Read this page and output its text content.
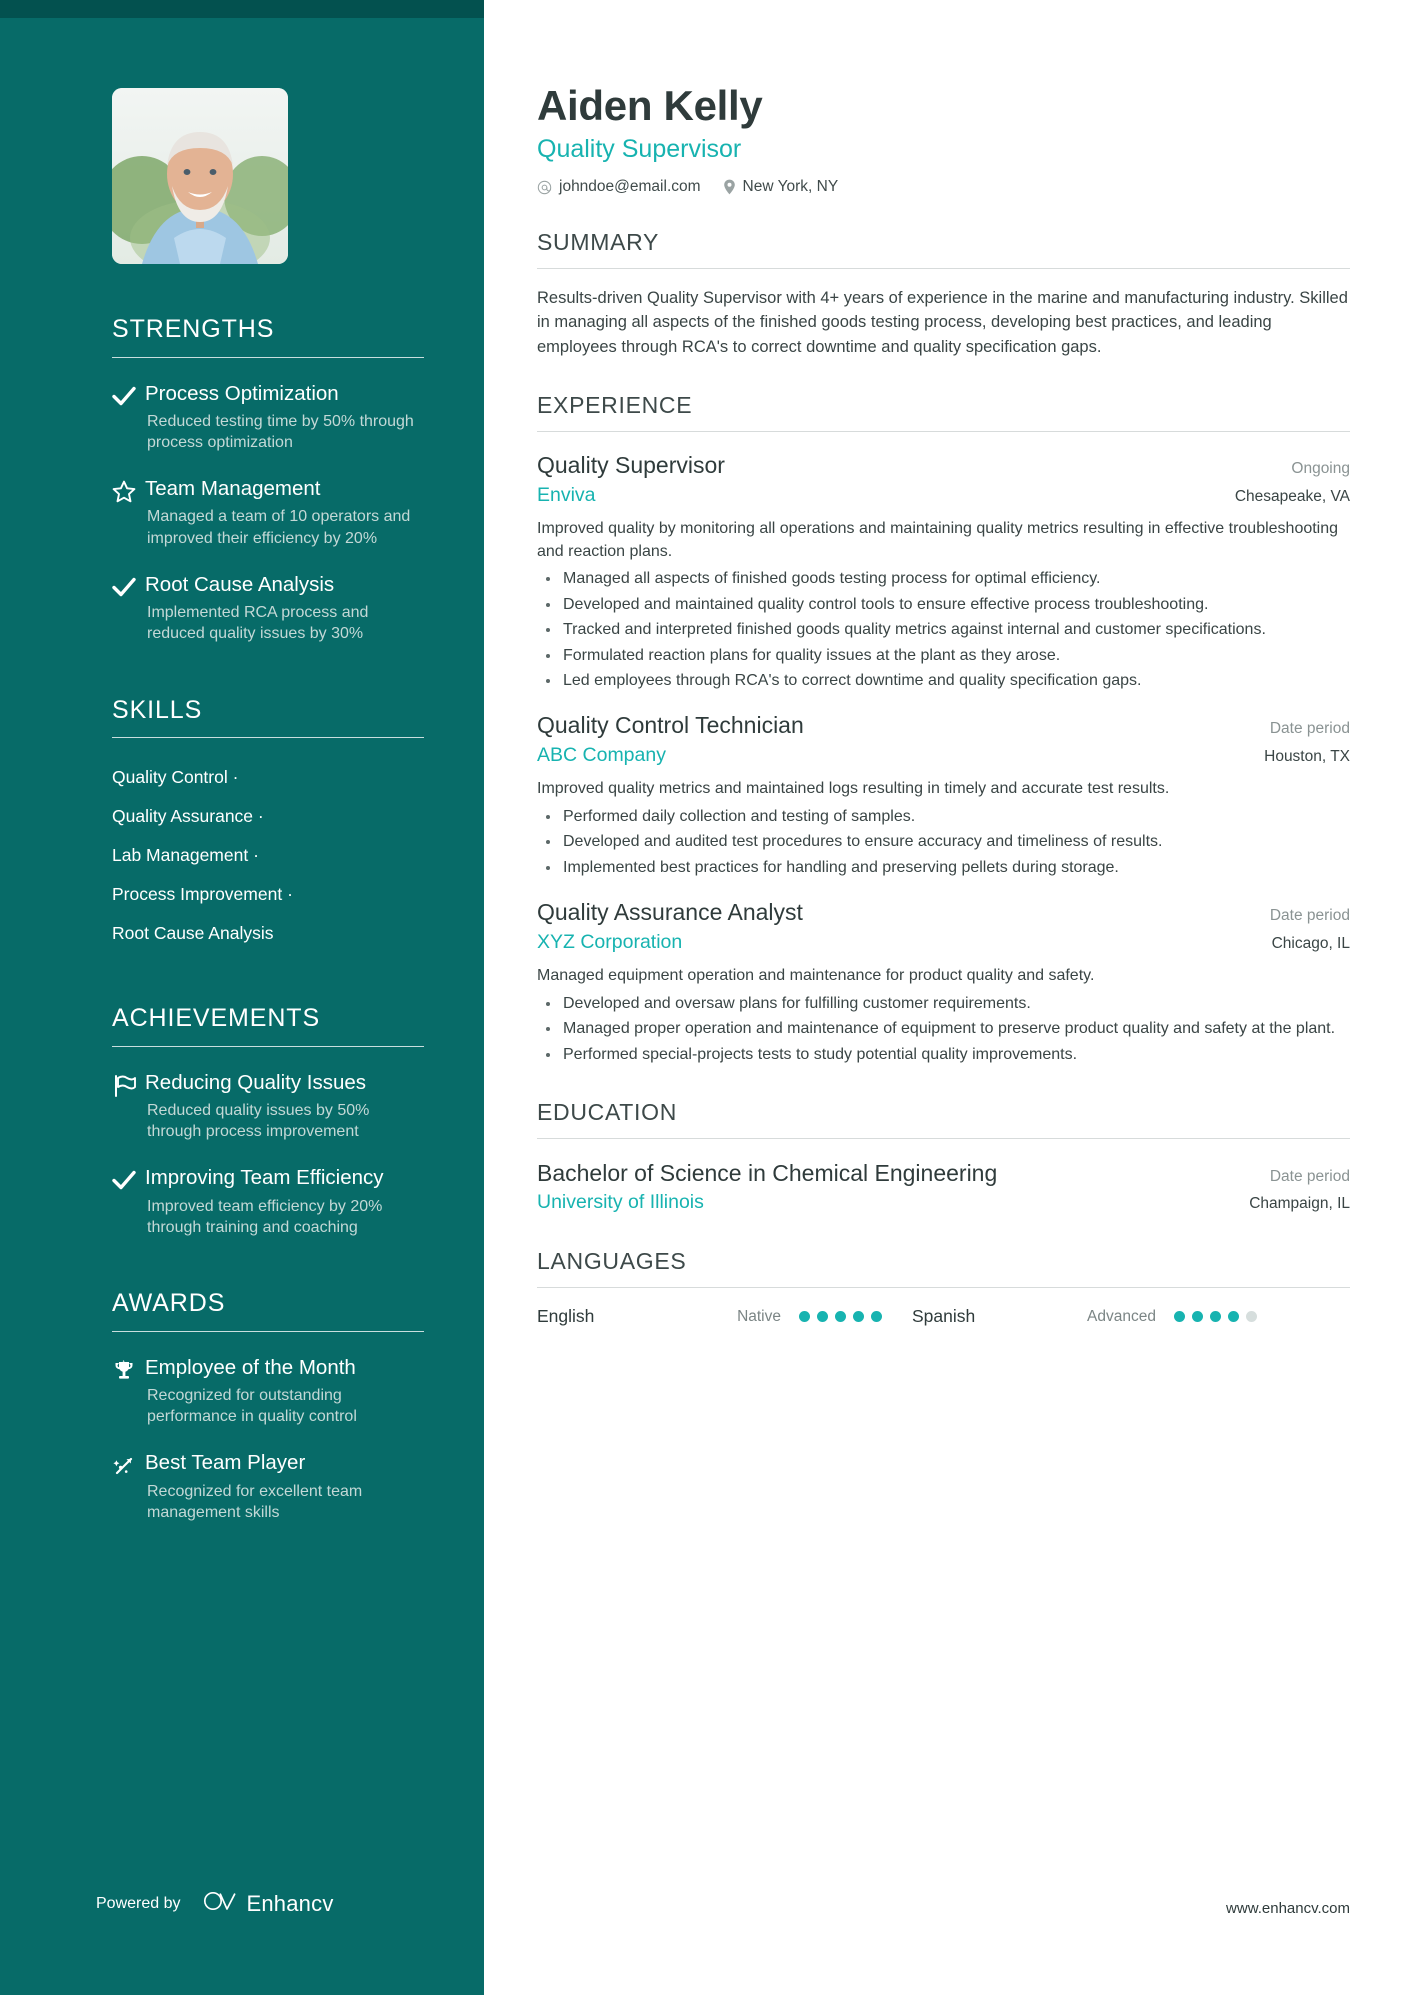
STRENGTHS
Process Optimization
Reduced testing time by 50% through process optimization
Team Management
Managed a team of 10 operators and improved their efficiency by 20%
Root Cause Analysis
Implemented RCA process and reduced quality issues by 30%
SKILLS
Quality Control ·
Quality Assurance ·
Lab Management ·
Process Improvement ·
Root Cause Analysis
ACHIEVEMENTS
Reducing Quality Issues
Reduced quality issues by 50% through process improvement
Improving Team Efficiency
Improved team efficiency by 20% through training and coaching
AWARDS
Employee of the Month
Recognized for outstanding performance in quality control
Best Team Player
Recognized for excellent team management skills
Powered by	Enhancv
Aiden Kelly
Quality Supervisor
johndoe@email.com	New York, NY
SUMMARY

Results-driven Quality Supervisor with 4+ years of experience in the marine and manufacturing industry. Skilled in managing all aspects of the finished goods testing process, developing best practices, and leading employees through RCA's to correct downtime and quality specification gaps.

EXPERIENCE
Quality Supervisor	Ongoing
Enviva	Chesapeake, VA

Improved quality by monitoring all operations and maintaining quality metrics resulting in effective troubleshooting and reaction plans.

Managed all aspects of finished goods testing process for optimal efficiency.
Developed and maintained quality control tools to ensure effective process troubleshooting.
Tracked and interpreted finished goods quality metrics against internal and customer specifications.
Formulated reaction plans for quality issues at the plant as they arose.
Led employees through RCA's to correct downtime and quality specification gaps.
Quality Control Technician	Date period
ABC Company	Houston, TX

Improved quality metrics and maintained logs resulting in timely and accurate test results.

Performed daily collection and testing of samples.
Developed and audited test procedures to ensure accuracy and timeliness of results.
Implemented best practices for handling and preserving pellets during storage.
Quality Assurance Analyst	Date period
XYZ Corporation	Chicago, IL

Managed equipment operation and maintenance for product quality and safety.

Developed and oversaw plans for fulfilling customer requirements.
Managed proper operation and maintenance of equipment to preserve product quality and safety at the plant.
Performed special-projects tests to study potential quality improvements.
EDUCATION
Bachelor of Science in Chemical Engineering	Date period
University of Illinois	Champaign, IL
LANGUAGES
English	Native	Spanish	Advanced
www.enhancv.com
